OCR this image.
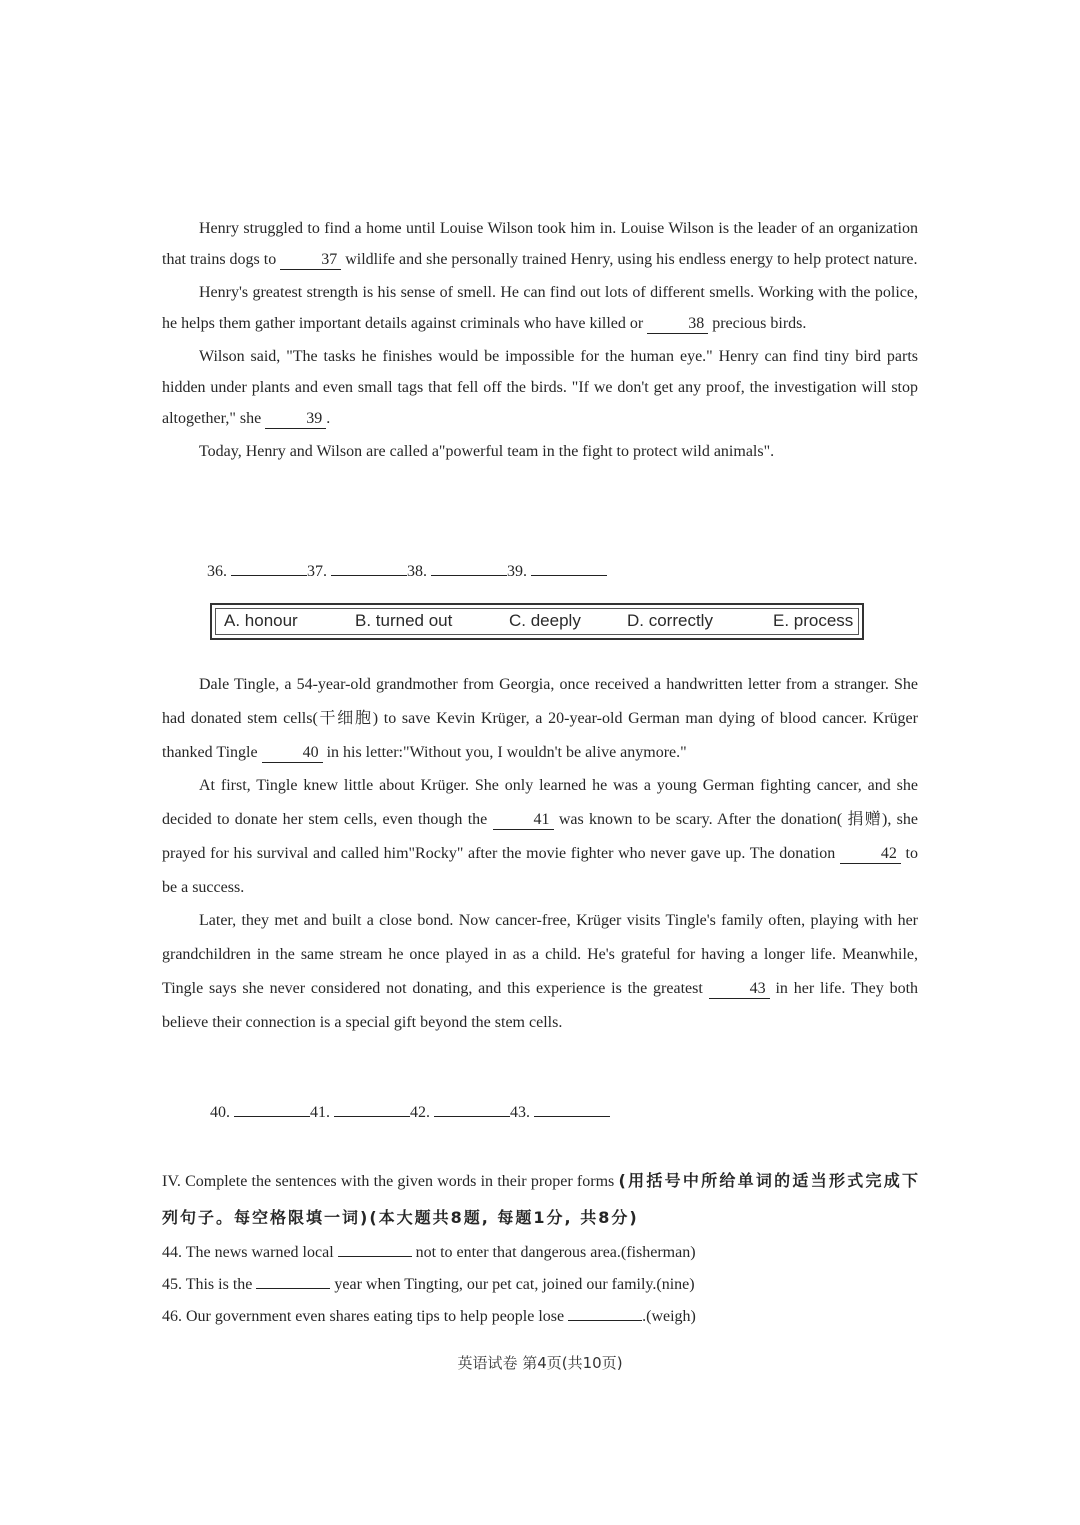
Henry struggled to find a home until Louise Wilson took him in. Louise Wilson is the leader of an organization that trains dogs to	37 wildlife and she personally trained Henry, using his endless energy to help protect nature.

Henry's greatest strength is his sense of smell. He can find out lots of different smells. Working with the police, he helps them gather important details against criminals who have killed or	38 precious birds.

Wilson said, "The tasks he finishes would be impossible for the human eye." Henry can find tiny bird parts hidden under plants and even small tags that fell off the birds. "If we don't get any proof, the investigation will stop altogether," she	39 .

Today, Henry and Wilson are called a"powerful team in the fight to protect wild animals".

36.	37.	38.	39.
A. honour	B. turned out	C. deeply	D. correctly	E. process

Dale Tingle, a 54-year-old grandmother from Georgia, once received a handwritten letter from a stranger. She had donated stem cells(干细胞) to save Kevin Krüger, a 20-year-old German man dying of blood cancer. Krüger thanked Tingle	40 in his letter:"Without you, I wouldn't be alive anymore."

At first, Tingle knew little about Krüger. She only learned he was a young German fighting cancer, and she decided to donate her stem cells, even though the	41 was known to be scary. After the donation( 捐赠), she prayed for his survival and called him"Rocky" after the movie fighter who never gave up. The donation	42 to be a success.

Later, they met and built a close bond. Now cancer-free, Krüger visits Tingle's family often, playing with her grandchildren in the same stream he once played in as a child. He's grateful for having a longer life. Meanwhile, Tingle says she never considered not donating, and this experience is the greatest	43 in her life. They both believe their connection is a special gift beyond the stem cells.

40.	41.	42.	43.
IV. Complete the sentences with the given words in their proper forms (用括号中所给单词的适当形式完成下列句子。每空格限填一词)(本大题共8题, 每题1分, 共8分)
44. The news warned local	not to enter that dangerous area.(fisherman)
45. This is the	year when Tingting, our pet cat, joined our family.(nine)
46. Our government even shares eating tips to help people lose	.(weigh)
英语试卷 第4页(共10页)
